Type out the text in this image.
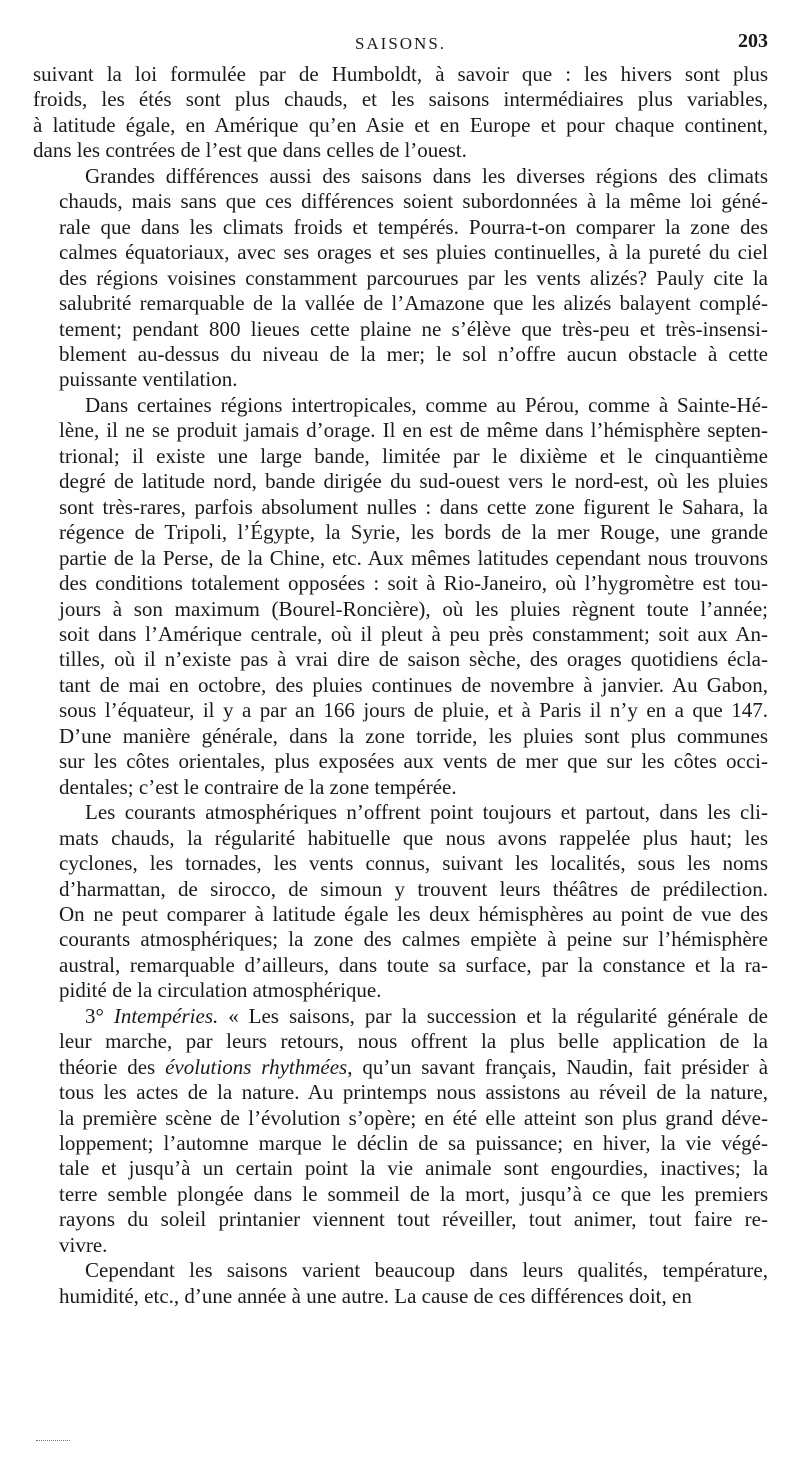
SAISONS.	203

suivant la loi formulée par de Humboldt, à savoir que : les hivers sont plus
froids, les étés sont plus chauds, et les saisons intermédiaires plus variables,
à latitude égale, en Amérique qu’en Asie et en Europe et pour chaque continent,
dans les contrées de l’est que dans celles de l’ouest.

Grandes différences aussi des saisons dans les diverses régions des climats
chauds, mais sans que ces différences soient subordonnées à la même loi géné-
rale que dans les climats froids et tempérés. Pourra-t-on comparer la zone des
calmes équatoriaux, avec ses orages et ses pluies continuelles, à la pureté du ciel
des régions voisines constamment parcourues par les vents alizés? Pauly cite la
salubrité remarquable de la vallée de l’Amazone que les alizés balayent complé-
tement; pendant 800 lieues cette plaine ne s’élève que très-peu et très-insensi-
blement au-dessus du niveau de la mer; le sol n’offre aucun obstacle à cette
puissante ventilation.

Dans certaines régions intertropicales, comme au Pérou, comme à Sainte-Hé-
lène, il ne se produit jamais d’orage. Il en est de même dans l’hémisphère septen-
trional; il existe une large bande, limitée par le dixième et le cinquantième
degré de latitude nord, bande dirigée du sud-ouest vers le nord-est, où les pluies
sont très-rares, parfois absolument nulles : dans cette zone figurent le Sahara, la
régence de Tripoli, l’Égypte, la Syrie, les bords de la mer Rouge, une grande
partie de la Perse, de la Chine, etc. Aux mêmes latitudes cependant nous trouvons
des conditions totalement opposées : soit à Rio-Janeiro, où l’hygromètre est tou-
jours à son maximum (Bourel-Roncière), où les pluies règnent toute l’année;
soit dans l’Amérique centrale, où il pleut à peu près constamment; soit aux An-
tilles, où il n’existe pas à vrai dire de saison sèche, des orages quotidiens écla-
tant de mai en octobre, des pluies continues de novembre à janvier. Au Gabon,
sous l’équateur, il y a par an 166 jours de pluie, et à Paris il n’y en a que 147.
D’une manière générale, dans la zone torride, les pluies sont plus communes
sur les côtes orientales, plus exposées aux vents de mer que sur les côtes occi-
dentales; c’est le contraire de la zone tempérée.

Les courants atmosphériques n’offrent point toujours et partout, dans les cli-
mats chauds, la régularité habituelle que nous avons rappelée plus haut; les
cyclones, les tornades, les vents connus, suivant les localités, sous les noms
d’harmattan, de sirocco, de simoun y trouvent leurs théâtres de prédilection.
On ne peut comparer à latitude égale les deux hémisphères au point de vue des
courants atmosphériques; la zone des calmes empiète à peine sur l’hémisphère
austral, remarquable d’ailleurs, dans toute sa surface, par la constance et la ra-
pidité de la circulation atmosphérique.

3° Intempéries. « Les saisons, par la succession et la régularité générale de
leur marche, par leurs retours, nous offrent la plus belle application de la
théorie des évolutions rhythmées, qu’un savant français, Naudin, fait présider à
tous les actes de la nature. Au printemps nous assistons au réveil de la nature,
la première scène de l’évolution s’opère; en été elle atteint son plus grand déve-
loppement; l’automne marque le déclin de sa puissance; en hiver, la vie végé-
tale et jusqu’à un certain point la vie animale sont engourdies, inactives; la
terre semble plongée dans le sommeil de la mort, jusqu’à ce que les premiers
rayons du soleil printanier viennent tout réveiller, tout animer, tout faire re-
vivre.

Cependant les saisons varient beaucoup dans leurs qualités, température,
humidité, etc., d’une année à une autre. La cause de ces différences doit, en
